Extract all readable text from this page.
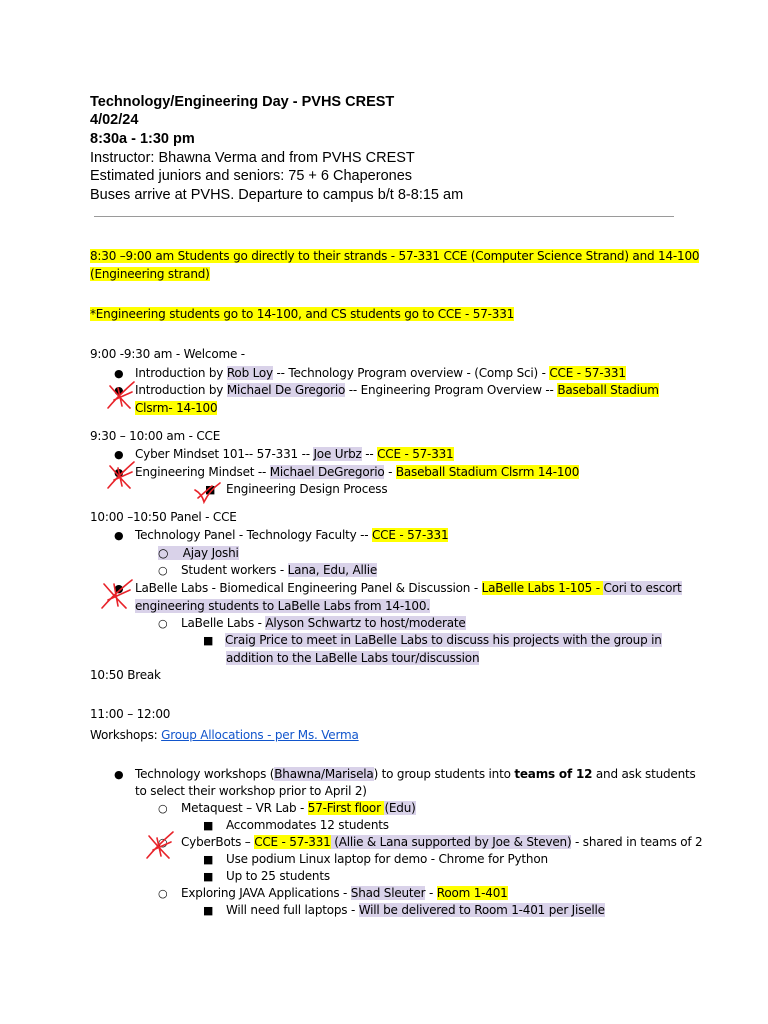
Technology/Engineering Day - PVHS CREST
4/02/24
8:30a - 1:30 pm
Instructor: Bhawna Verma and from PVHS CREST
Estimated juniors and seniors: 75 + 6 Chaperones
Buses arrive at PVHS. Departure to campus b/t 8-8:15 am
8:30 –9:00 am Students go directly to their strands - 57-331 CCE (Computer Science Strand) and 14-100
(Engineering strand)
*Engineering students go to 14-100, and CS students go to CCE - 57-331
9:00 -9:30 am - Welcome -
● Introduction by Rob Loy -- Technology Program overview - (Comp Sci) - CCE - 57-331
● Introduction by Michael De Gregorio -- Engineering Program Overview -- Baseball Stadium
Clsrm- 14-100
9:30 – 10:00 am - CCE
● Cyber Mindset 101-- 57-331 -- Joe Urbz -- CCE - 57-331
● Engineering Mindset -- Michael DeGregorio - Baseball Stadium Clsrm 14-100
■ Engineering Design Process
10:00 –10:50 Panel - CCE
● Technology Panel - Technology Faculty -- CCE - 57-331
○ Ajay Joshi
○ Student workers - Lana, Edu, Allie
● LaBelle Labs - Biomedical Engineering Panel & Discussion - LaBelle Labs 1-105 - Cori to escort
engineering students to LaBelle Labs from 14-100.
○ LaBelle Labs - Alyson Schwartz to host/moderate
■ Craig Price to meet in LaBelle Labs to discuss his projects with the group in
addition to the LaBelle Labs tour/discussion
10:50 Break
11:00 – 12:00
Workshops: Group Allocations - per Ms. Verma
● Technology workshops (Bhawna/Marisela) to group students into teams of 12 and ask students
to select their workshop prior to April 2)
○ Metaquest – VR Lab - 57-First floor (Edu)
■ Accommodates 12 students
○ CyberBots – CCE - 57-331 (Allie & Lana supported by Joe & Steven) - shared in teams of 2
■ Use podium Linux laptop for demo - Chrome for Python
■ Up to 25 students
○ Exploring JAVA Applications - Shad Sleuter - Room 1-401
■ Will need full laptops - Will be delivered to Room 1-401 per Jiselle
